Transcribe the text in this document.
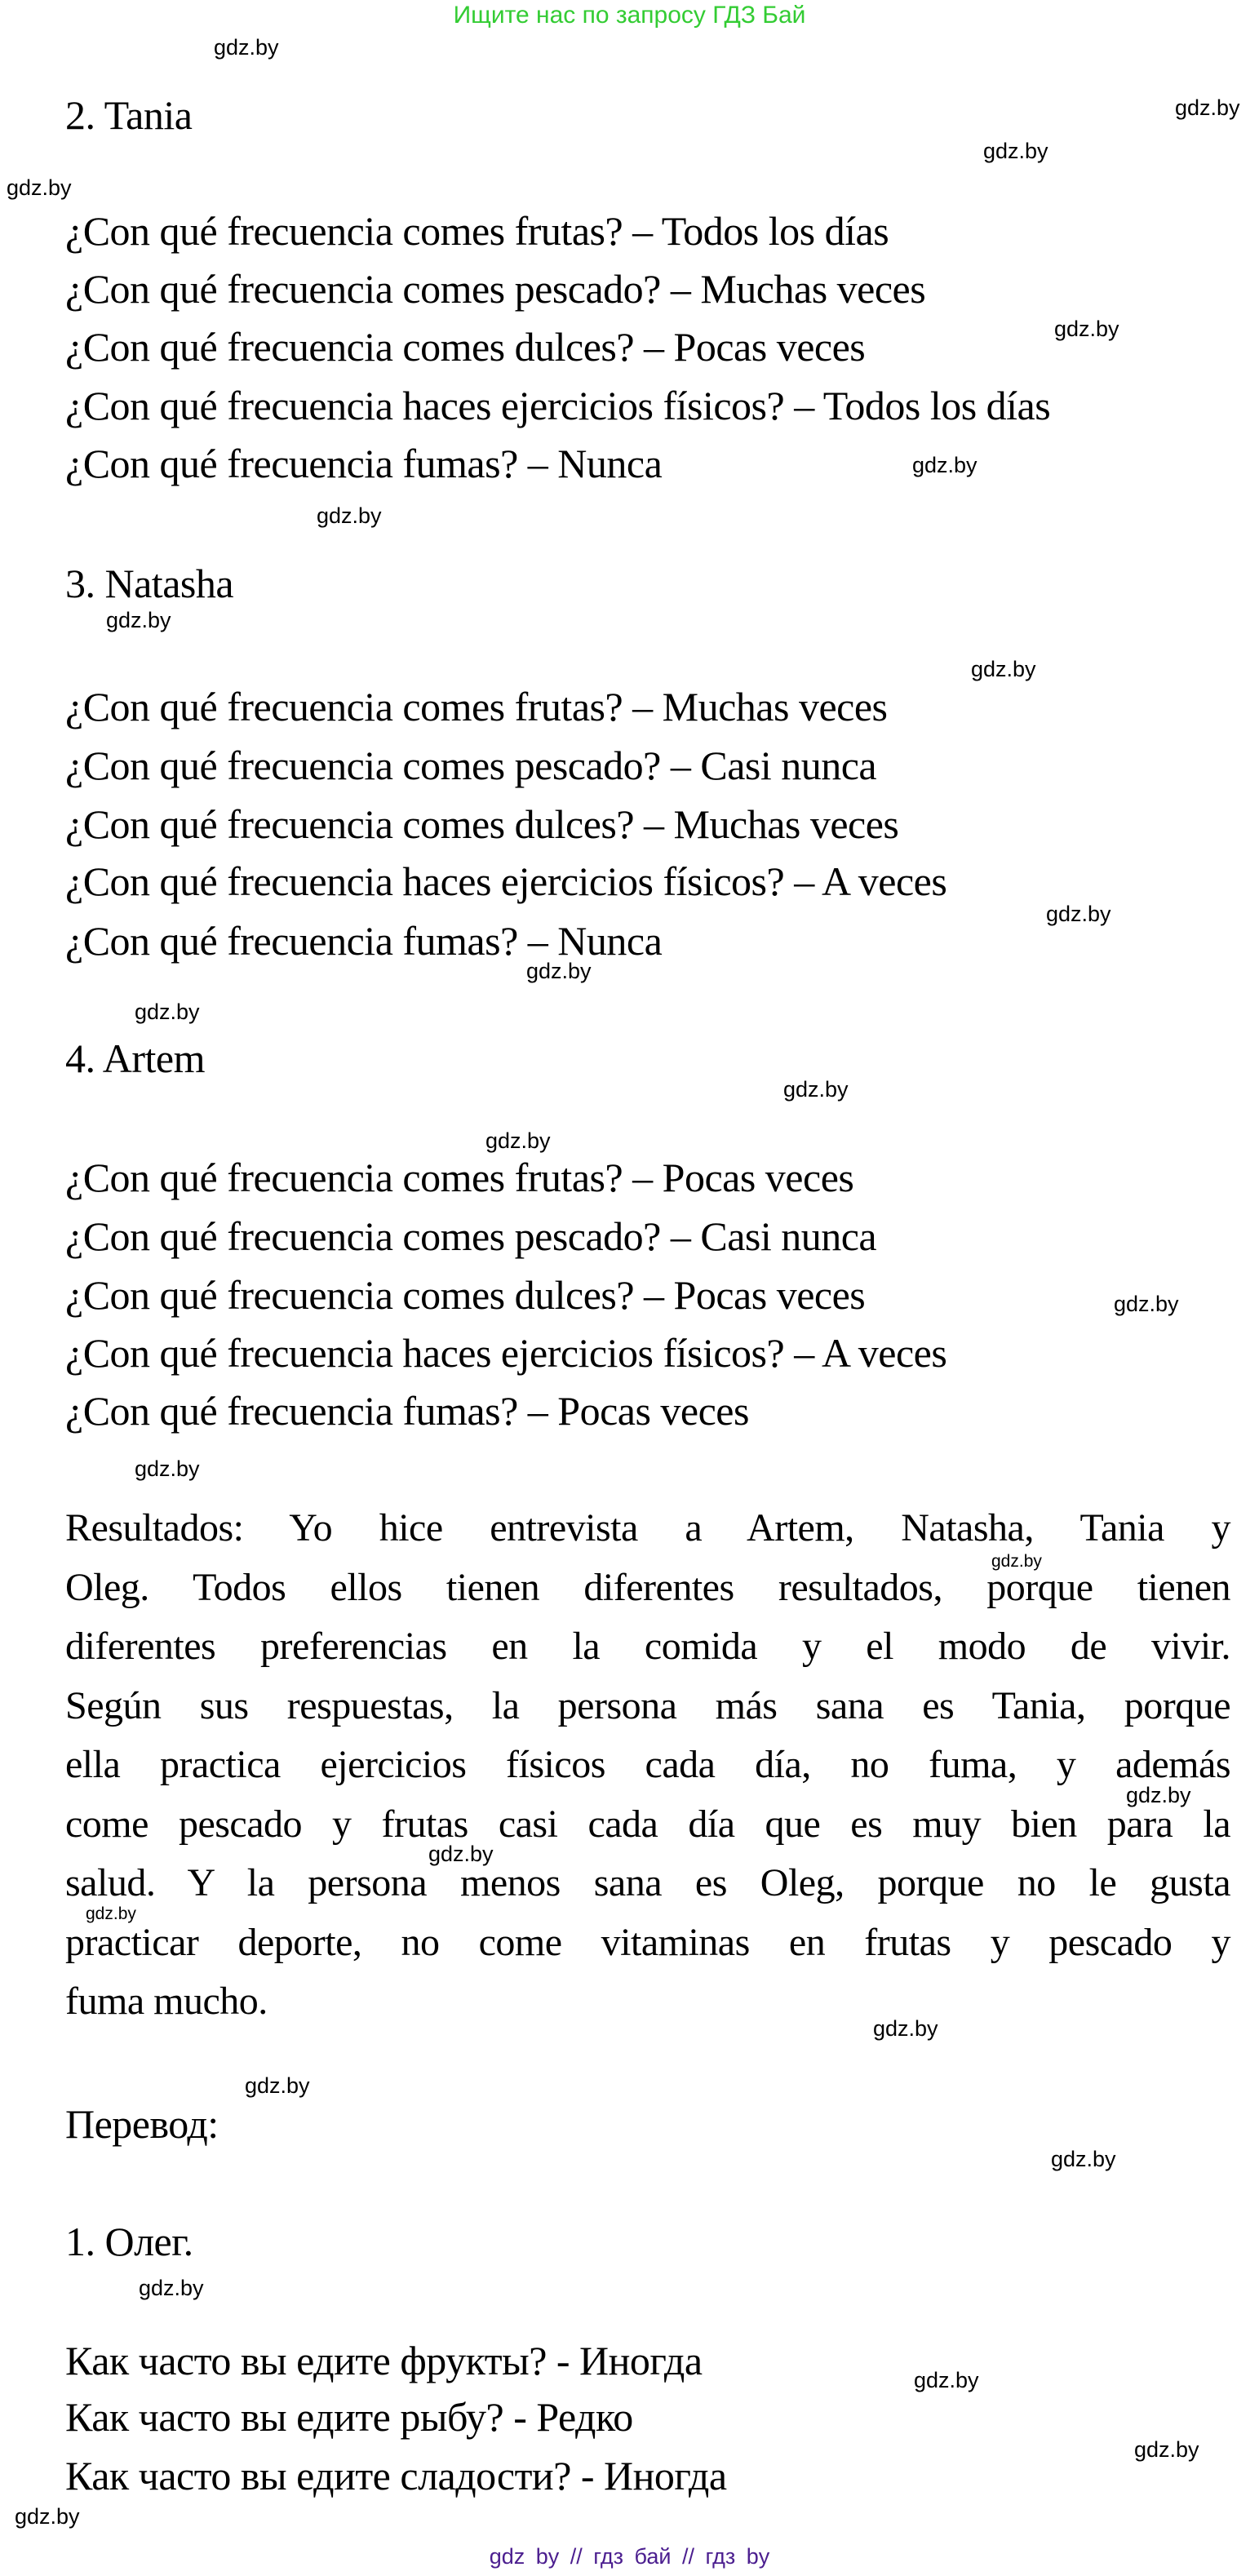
Ищите нас по запросу ГДЗ Бай
gdz.by
gdz.by
gdz.by
gdz.by
gdz.by
gdz.by
gdz.by
gdz.by
gdz.by
gdz.by
gdz.by
gdz.by
gdz.by
gdz.by
gdz.by
gdz.by
gdz.by
gdz.by
gdz.by
gdz.by
gdz.by
gdz.by
gdz.by
gdz.by
gdz.by
gdz.by
gdz.by
2. Tania
¿Con qué frecuencia comes frutas? – Todos los días
¿Con qué frecuencia comes pescado? – Muchas veces
¿Con qué frecuencia comes dulces? – Pocas veces
¿Con qué frecuencia haces ejercicios físicos? – Todos los días
¿Con qué frecuencia fumas? – Nunca
3. Natasha
¿Con qué frecuencia comes frutas? – Muchas veces
¿Con qué frecuencia comes pescado? – Casi nunca
¿Con qué frecuencia comes dulces? – Muchas veces
¿Con qué frecuencia haces ejercicios físicos? – A veces
¿Con qué frecuencia fumas? – Nunca
4. Artem
¿Con qué frecuencia comes frutas? – Pocas veces
¿Con qué frecuencia comes pescado? – Casi nunca
¿Con qué frecuencia comes dulces? – Pocas veces
¿Con qué frecuencia haces ejercicios físicos? – A veces
¿Con qué frecuencia fumas? – Pocas veces
Resultados: Yo hice entrevista a Artem, Natasha, Tania y
Oleg. Todos ellos tienen diferentes resultados, porque tienen
diferentes preferencias en la comida y el modo de vivir.
Según sus respuestas, la persona más sana es Tania, porque
ella practica ejercicios físicos cada día, no fuma, y además
come pescado y frutas casi cada día que es muy bien para la
salud. Y la persona menos sana es Oleg, porque no le gusta
practicar deporte, no come vitaminas en frutas y pescado y
fuma mucho.
Перевод:
1. Олег.
Как часто вы едите фрукты? - Иногда
Как часто вы едите рыбу? - Редко
Как часто вы едите сладости? - Иногда
gdz by // гдз бай // гдз by
